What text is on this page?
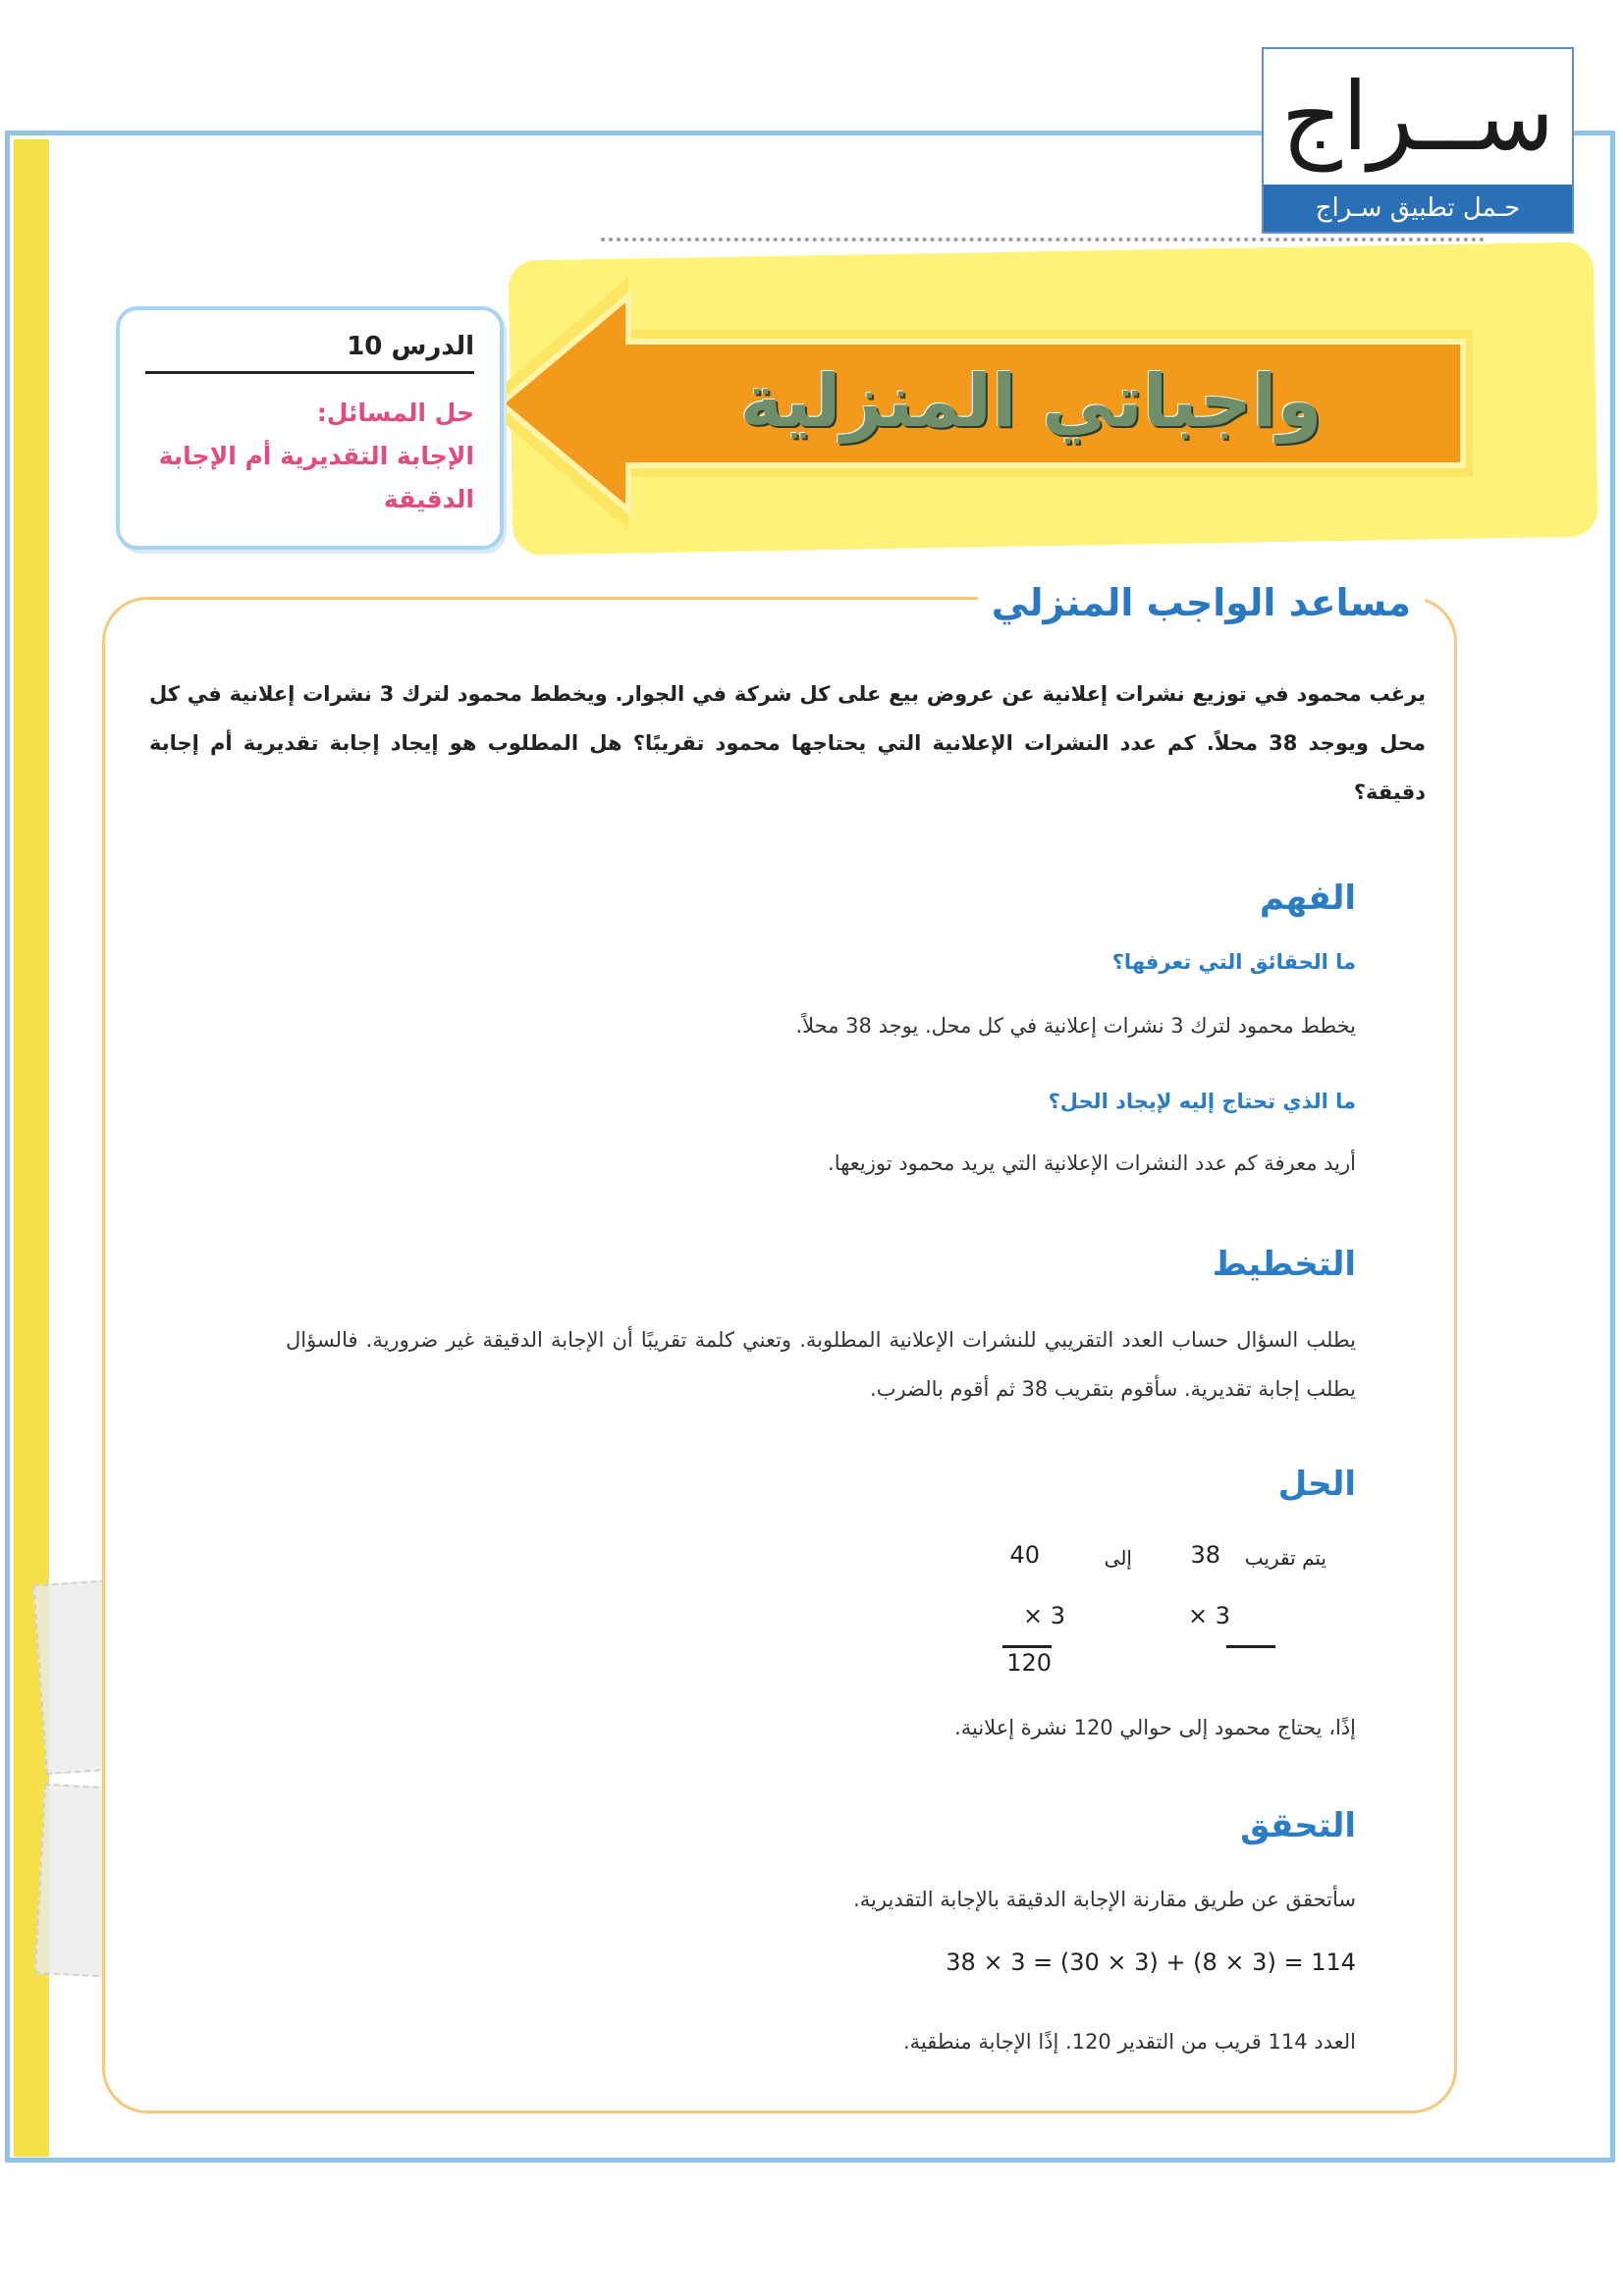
ســراج
حـمل تطبيق سـراج
واجباتي المنزلية
الدرس 10
حل المسائل:
الإجابة التقديرية أم الإجابة
الدقيقة
مساعد الواجب المنزلي
يرغب محمود في توزيع نشرات إعلانية عن عروض بيع على كل شركة في الجوار. ويخطط محمود لترك 3 نشرات إعلانية في كل محل ويوجد 38 محلاً. كم عدد النشرات الإعلانية التي يحتاجها محمود تقريبًا؟ هل المطلوب هو إيجاد إجابة تقديرية أم إجابة دقيقة؟
الفهم
ما الحقائق التي تعرفها؟
يخطط محمود لترك 3 نشرات إعلانية في كل محل. يوجد 38 محلاً.
ما الذي تحتاج إليه لإيجاد الحل؟
أريد معرفة كم عدد النشرات الإعلانية التي يريد محمود توزيعها.
التخطيط
يطلب السؤال حساب العدد التقريبي للنشرات الإعلانية المطلوبة. وتعني كلمة تقريبًا أن الإجابة الدقيقة غير ضرورية. فالسؤال يطلب إجابة تقديرية. سأقوم بتقريب 38 ثم أقوم بالضرب.
الحل
يتم تقريب
38
إلى
40
3 ×
3 ×
120
إذًا، يحتاج محمود إلى حوالي 120 نشرة إعلانية.
التحقق
سأتحقق عن طريق مقارنة الإجابة الدقيقة بالإجابة التقديرية.
114 = (3 × 8) + (3 × 30) = 3 × 38
العدد 114 قريب من التقدير 120. إذًا الإجابة منطقية.
